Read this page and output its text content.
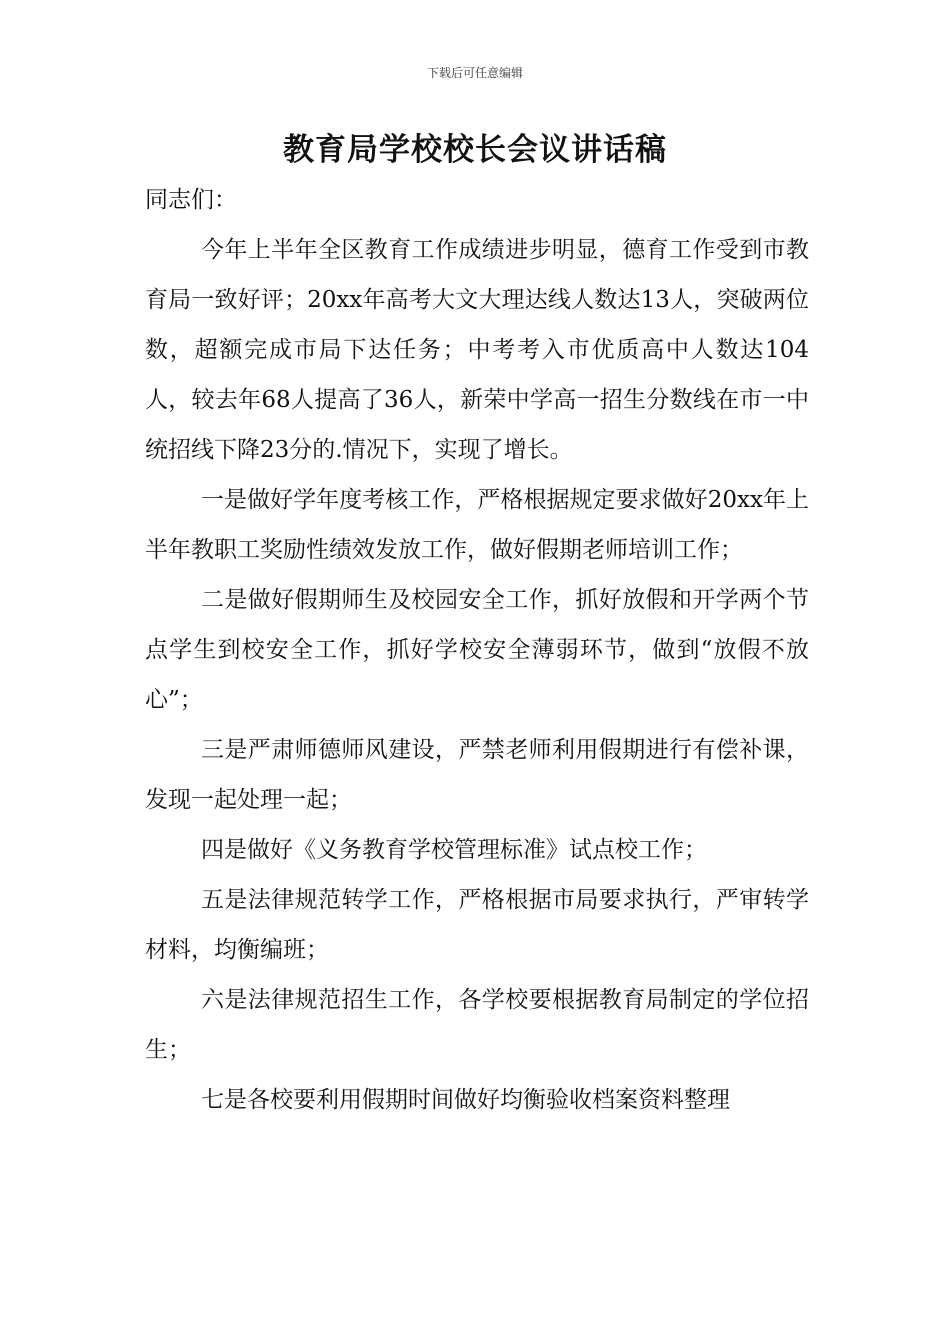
下载后可任意编辑
教育局学校校长会议讲话稿

同志们：

今年上半年全区教育工作成绩进步明显，德育工作受到市教育局一致好评；20xx年高考大文大理达线人数达13人，突破两位数，超额完成市局下达任务；中考考入市优质高中人数达104人，较去年68人提高了36人，新荣中学高一招生分数线在市一中统招线下降23分的.情况下，实现了增长。

一是做好学年度考核工作，严格根据规定要求做好20xx年上半年教职工奖励性绩效发放工作，做好假期老师培训工作；

二是做好假期师生及校园安全工作，抓好放假和开学两个节点学生到校安全工作，抓好学校安全薄弱环节，做到“放假不放心”；

三是严肃师德师风建设，严禁老师利用假期进行有偿补课，发现一起处理一起；

四是做好《义务教育学校管理标准》试点校工作；

五是法律规范转学工作，严格根据市局要求执行，严审转学材料，均衡编班；

六是法律规范招生工作，各学校要根据教育局制定的学位招生；

七是各校要利用假期时间做好均衡验收档案资料整理
